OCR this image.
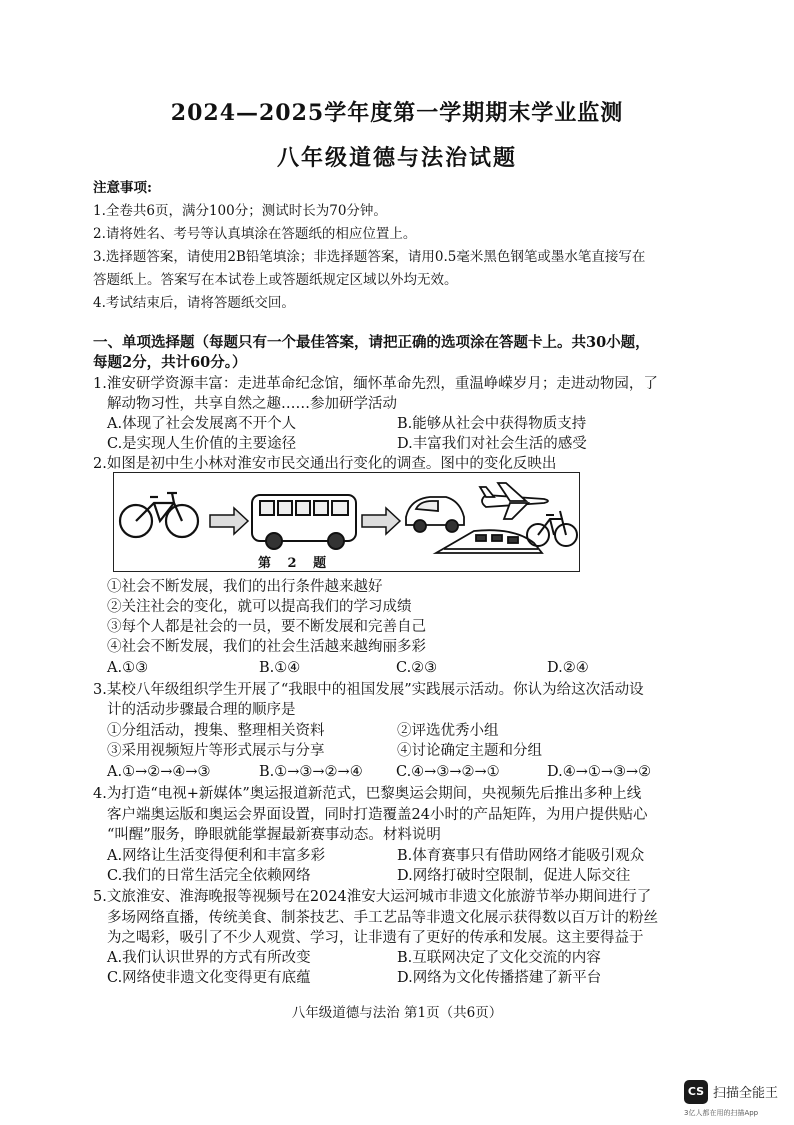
2024—2025学年度第一学期期末学业监测
八年级道德与法治试题
注意事项:
1.全卷共6页，满分100分；测试时长为70分钟。
2.请将姓名、考号等认真填涂在答题纸的相应位置上。
3.选择题答案，请使用2B铅笔填涂；非选择题答案，请用0.5毫米黑色钢笔或墨水笔直接写在
答题纸上。答案写在本试卷上或答题纸规定区域以外均无效。
4.考试结束后，请将答题纸交回。
一、单项选择题（每题只有一个最佳答案，请把正确的选项涂在答题卡上。共30小题，
每题2分，共计60分。）
1.淮安研学资源丰富：走进革命纪念馆，缅怀革命先烈，重温峥嵘岁月；走进动物园，了
解动物习性，共享自然之趣……参加研学活动
A.体现了社会发展离不开个人	B.能够从社会中获得物质支持
C.是实现人生价值的主要途径	D.丰富我们对社会生活的感受
2.如图是初中生小林对淮安市民交通出行变化的调查。图中的变化反映出
第 2 题
①社会不断发展，我们的出行条件越来越好
②关注社会的变化，就可以提高我们的学习成绩
③每个人都是社会的一员，要不断发展和完善自己
④社会不断发展，我们的社会生活越来越绚丽多彩
A.①③	B.①④	C.②③	D.②④
3.某校八年级组织学生开展了“我眼中的祖国发展”实践展示活动。你认为给这次活动设
计的活动步骤最合理的顺序是
①分组活动，搜集、整理相关资料	②评选优秀小组
③采用视频短片等形式展示与分享	④讨论确定主题和分组
A.①→②→④→③	B.①→③→②→④ C.④→③→②→①	D.④→①→③→②
4.为打造“电视+新媒体”奥运报道新范式，巴黎奥运会期间，央视频先后推出多种上线
客户端奥运版和奥运会界面设置，同时打造覆盖24小时的产品矩阵，为用户提供贴心
“叫醒”服务，睁眼就能掌握最新赛事动态。材料说明
A.网络让生活变得便利和丰富多彩	B.体育赛事只有借助网络才能吸引观众
C.我们的日常生活完全依赖网络	D.网络打破时空限制，促进人际交往
5.文旅淮安、淮海晚报等视频号在2024淮安大运河城市非遗文化旅游节举办期间进行了
多场网络直播，传统美食、制茶技艺、手工艺品等非遗文化展示获得数以百万计的粉丝
为之喝彩，吸引了不少人观赏、学习，让非遗有了更好的传承和发展。这主要得益于
A.我们认识世界的方式有所改变	B.互联网决定了文化交流的内容
C.网络使非遗文化变得更有底蕴	D.网络为文化传播搭建了新平台
八年级道德与法治 第1页（共6页）
CS 扫描全能王
3亿人都在用的扫描App
